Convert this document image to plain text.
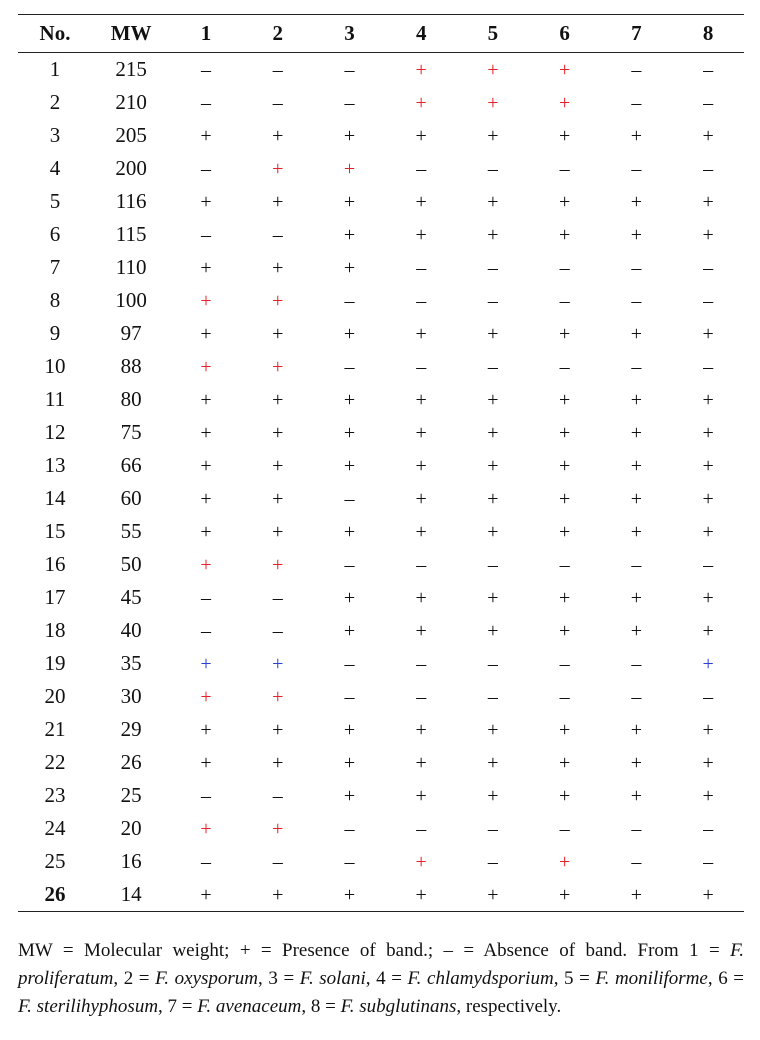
No.	MW	1	2	3	4	5	6	7	8
1	215	–	–	–	+	+	+	–	–
2	210	–	–	–	+	+	+	–	–
3	205	+	+	+	+	+	+	+	+
4	200	–	+	+	–	–	–	–	–
5	116	+	+	+	+	+	+	+	+
6	115	–	–	+	+	+	+	+	+
7	110	+	+	+	–	–	–	–	–
8	100	+	+	–	–	–	–	–	–
9	97	+	+	+	+	+	+	+	+
10	88	+	+	–	–	–	–	–	–
11	80	+	+	+	+	+	+	+	+
12	75	+	+	+	+	+	+	+	+
13	66	+	+	+	+	+	+	+	+
14	60	+	+	–	+	+	+	+	+
15	55	+	+	+	+	+	+	+	+
16	50	+	+	–	–	–	–	–	–
17	45	–	–	+	+	+	+	+	+
18	40	–	–	+	+	+	+	+	+
19	35	+	+	–	–	–	–	–	+
20	30	+	+	–	–	–	–	–	–
21	29	+	+	+	+	+	+	+	+
22	26	+	+	+	+	+	+	+	+
23	25	–	–	+	+	+	+	+	+
24	20	+	+	–	–	–	–	–	–
25	16	–	–	–	+	–	+	–	–
26	14	+	+	+	+	+	+	+	+

MW = Molecular weight; + = Presence of band.; – = Absence of band. From 1 = F. proliferatum, 2 = F. oxysporum, 3 = F. solani, 4 = F. chlamydsporium, 5 = F. moniliforme, 6 = F. sterilihyphosum, 7 = F. avenaceum, 8 = F. subglutinans, respectively.
